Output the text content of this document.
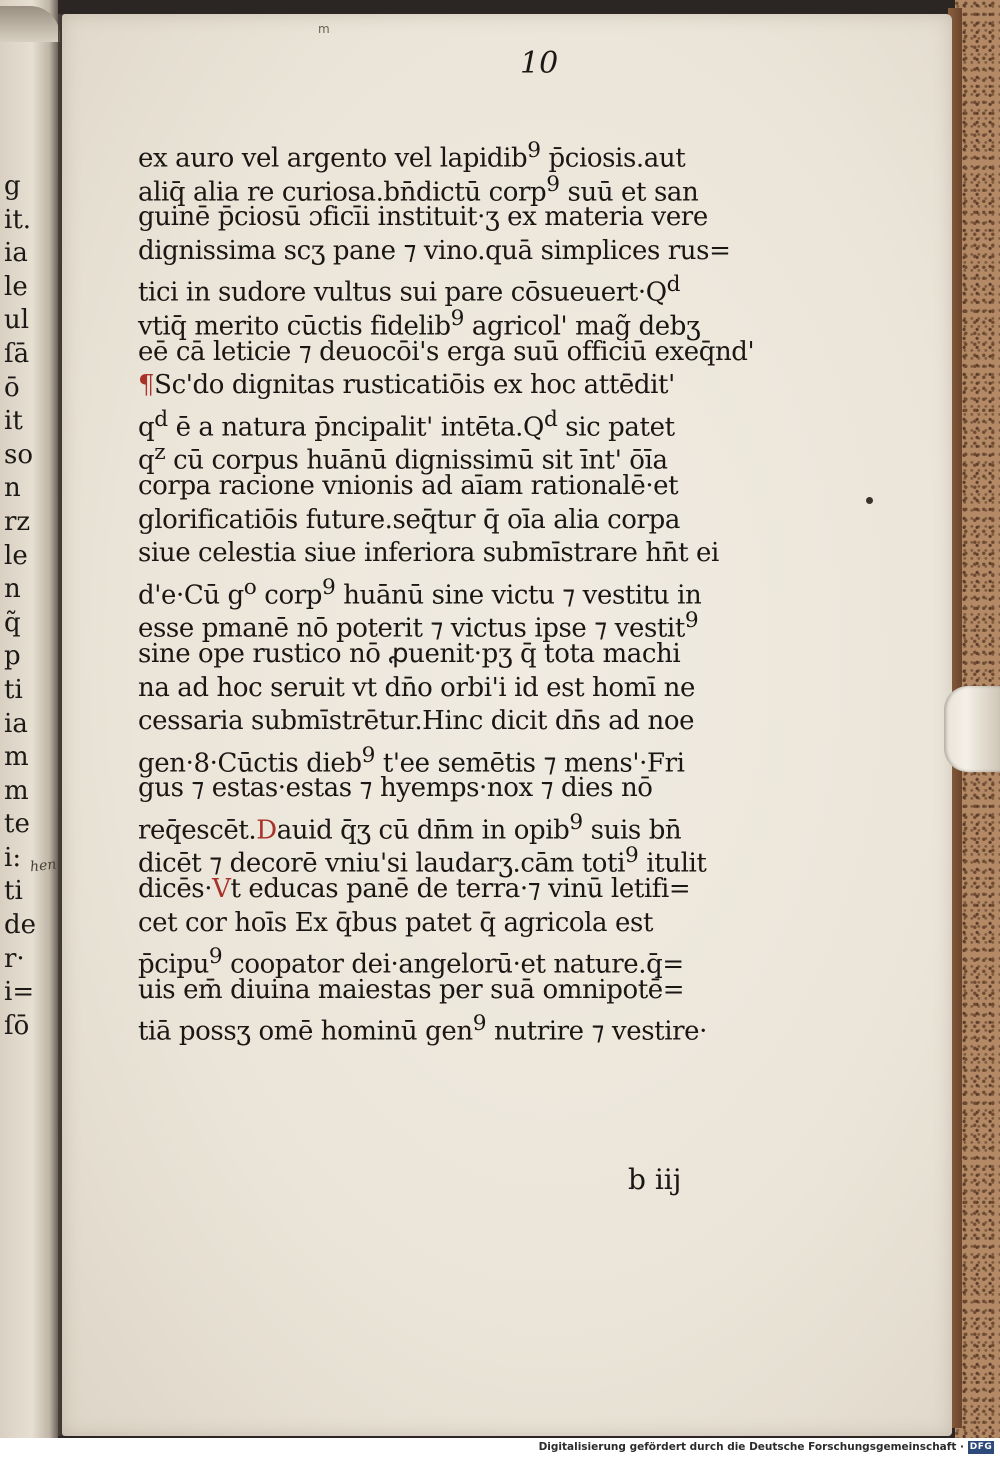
g
it.
ia
le
ul
ſā
ō
it
so
n
rz
le
n
q̃
p
ti
ia
m
m
te
i:
ti
de
r·
i=
ſō
hen
m
10
ex auro vel argento vel lapidib$^9$ p̄ciosis.aut
aliq̄ alia re curiosa.bn̄dictū corp$^9$ suū et san
guinē p̄ciosū ɔficīi instituit·ʒ ex materia vere
dignissima scʒ pane ⁊ vino.quā simplices rus=
tici in sudore vultus sui pare $cōsueuert\cdot Q^d$
vtiq̄ merito cūctis fidelib$^9$ agricol' mag̃ debʒ
eē cā leticie ⁊ deuocōi's erga suū officiū exeq̄nd'
¶Sc'do dignitas rusticatiōis ex hoc attēdit'
$q^d$ ē a natura p̄ncipalit' $intēta.Q^d$ sic patet
$q^z$ cū corpus huānū dignissimū sit īnt' ōīa
corpa racione vnionis ad aīam rationalē·et
glorificatiōis future.seq̄tur q̄ oīa alia corpa
siue celestia siue inferiora submīstrare hn̄t ei
d'e·Cū $g^o$ corp$^9$ huānū sine victu ⁊ vestitu in
esse pmanē nō poterit ⁊ victus ipse ⁊ vestit$^9$
sine ope rustico nō ꝓuenit·pʒ q̄ tota machi
na ad hoc seruit vt dn̄o orbi'i id est homī ne
cessaria submīstrētur.Hinc dicit dn̄s ad noe
gen·8·Cūctis dieb$^9$ t'ee semētis ⁊ mens'·Fri
gus ⁊ estas·estas ⁊ hyemps·nox ⁊ dies nō
req̄escēt.Dauid q̄ʒ cū dn̄m in opib$^9$ suis bn̄
dicēt ⁊ decorē vniu'si laudarʒ.cām toti$^9$ itulit
dicēs·Vt educas panē de terra·⁊ vinū letifi=
cet cor hoīs Ex q̄bus patet q̄ agricola est
p̄cipu$^9$ coopator dei·angelorū·et nature.q̄=
uis em̄ diuina maiestas per suā omnipotē=
tiā possʒ omē hominū gen$^9$ nutrire ⁊ vestire·
b iij
Digitalisierung gefördert durch die Deutsche Forschungsgemeinschaft · DFG
